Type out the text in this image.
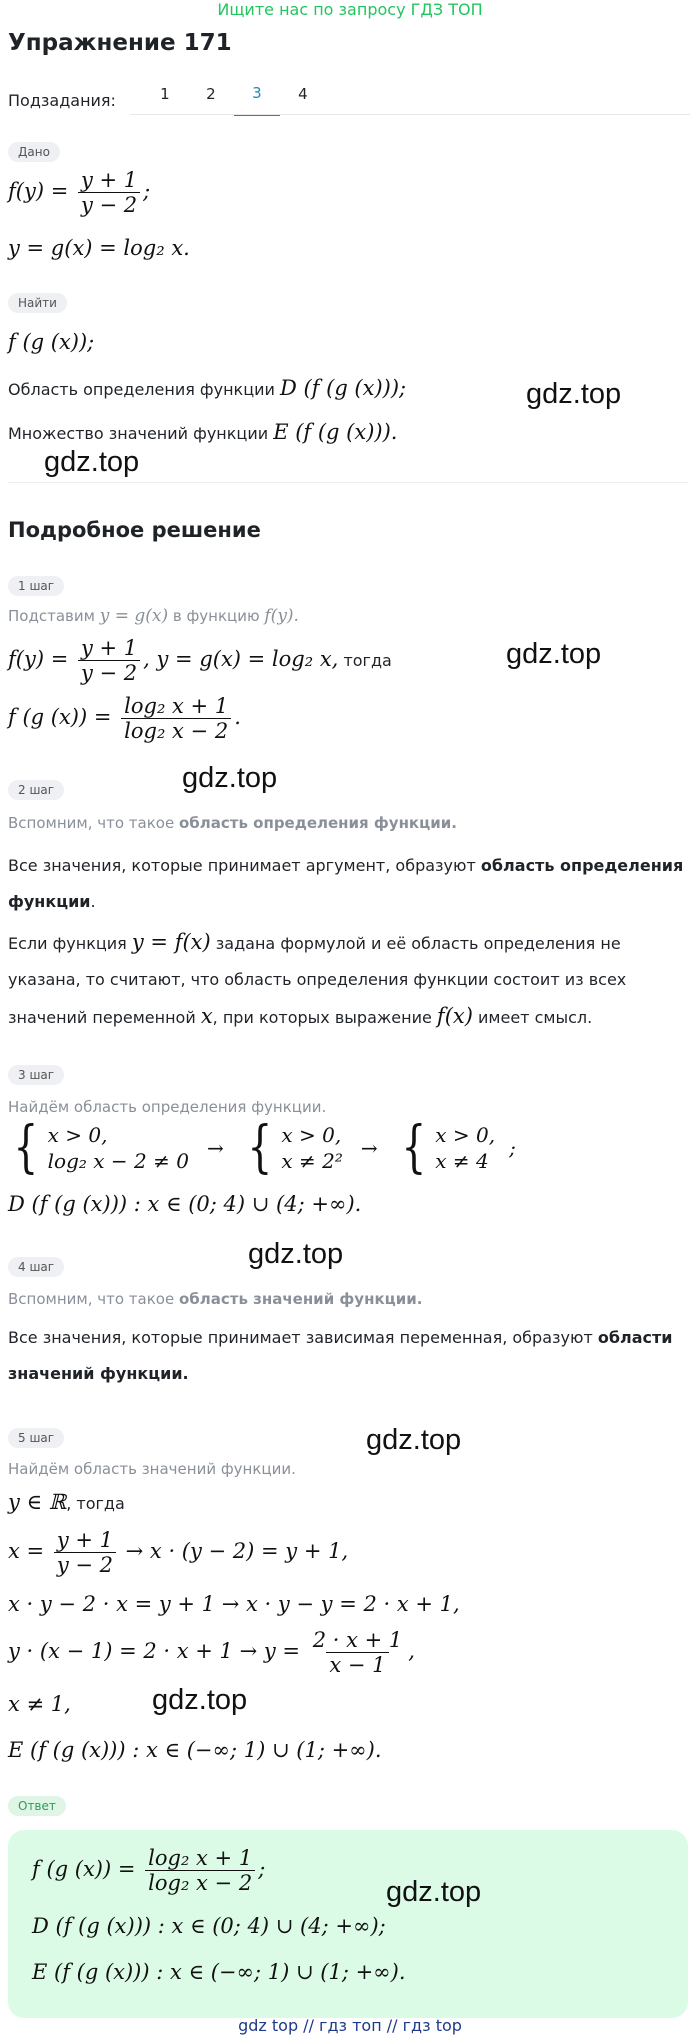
Ищите нас по запросу ГДЗ ТОП
Упражнение 171
Подзадания:	1	2	3	4
Дано
$f(y) = \frac{y + 1}{y - 2}$ ;
y = g(x) = log₂ x.
Найти
f (g (x));
Область определения функции D (f (g (x)));
Множество значений функции E (f (g (x))).
Подробное решение
1 шаг
Подставим y = g(x) в функцию f(y).
$f(y) = \frac{y + 1}{y - 2}$ , y = g(x) = log₂ x, тогда
f (g $(x)) = \frac{\text{log₂ x + 1}}{\text{log₂ x − 2}}$ .
2 шаг
Вспомним, что такое область определения функции.
Все значения, которые принимает аргумент, образуют область определения
функции.
Если функция y = f(x) задана формулой и её область определения не
указана, то считают, что область определения функции состоит из всех
значений переменной x, при которых выражение f(x) имеет смысл.
3 шаг
Найдём область определения функции.
{ x > 0,
log₂ x − 2 ≠ 0
→ { x > 0,
x ≠ 2²
→ { x > 0,
x ≠ 4
;
D (f (g (x))) : x ∈ (0; 4) ∪ (4; +∞).
4 шаг
Вспомним, что такое область значений функции.
Все значения, которые принимает зависимая переменная, образуют области
значений функции.
5 шаг
Найдём область значений функции.
y ∈ ℝ, тогда
$x = \frac{y + 1}{y - 2} \to x \cdot (y - 2) = y + 1$,
x · y − 2 · x = y + 1 → x · y − y = 2 · x + 1,
$y \cdot (x - 1) = 2 \cdot x + 1 \to y = \frac{2 \cdot x + 1}{x - 1}$ ,
x ≠ 1,
E (f (g (x))) : x ∈ (−∞; 1) ∪ (1; +∞).
Ответ
f (g $(x)) = \frac{\text{log₂ x + 1}}{\text{log₂ x − 2}}$ ;
D (f (g (x))) : x ∈ (0; 4) ∪ (4; +∞);
E (f (g (x))) : x ∈ (−∞; 1) ∪ (1; +∞).
gdz.top
gdz.top
gdz.top
gdz.top
gdz.top
gdz.top
gdz.top
gdz.top
gdz top // гдз топ // гдз top
